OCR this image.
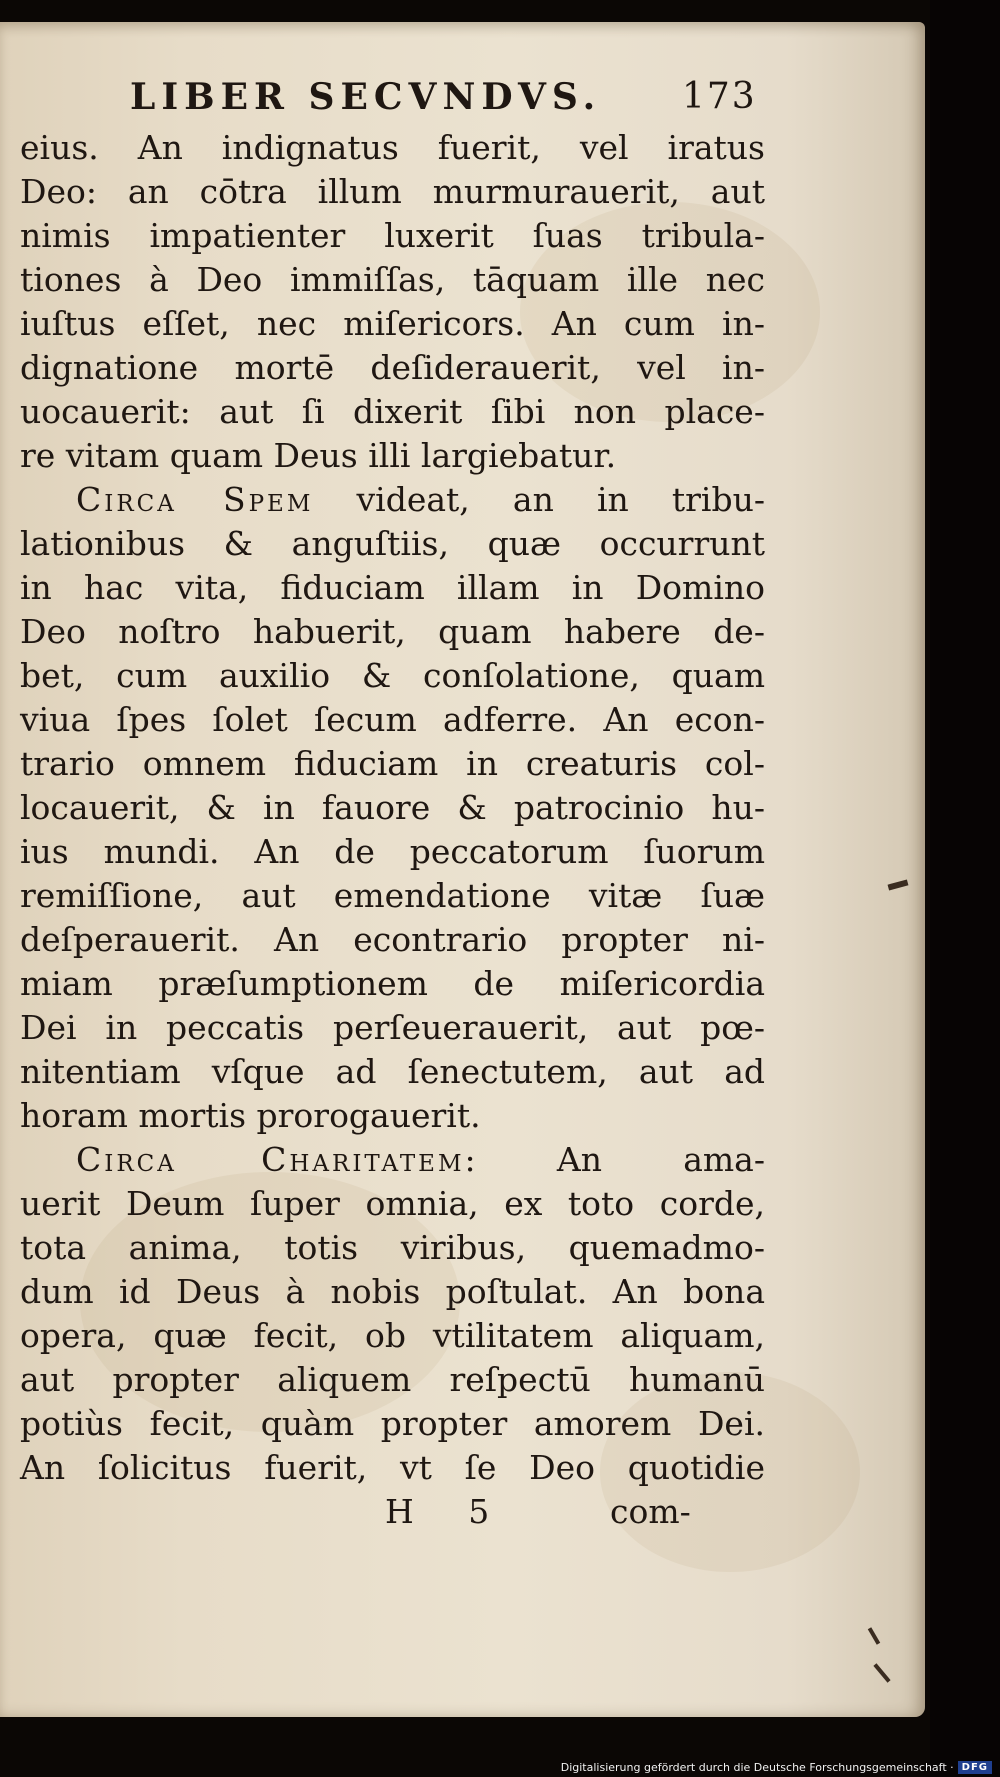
LIBER SECVNDVS. 173
eius. An indignatus fuerit, vel iratus
Deo: an cōtra illum murmurauerit, aut
nimis impatienter luxerit ſuas tribula-
tiones à Deo immiſſas, tāquam ille nec
iuſtus eſſet, nec miſericors. An cum in-
dignatione mortē deſiderauerit, vel in-
uocauerit: aut ſi dixerit ſibi non place-
re vitam quam Deus illi largiebatur.
Circa Spem videat, an in tribu-
lationibus & anguſtiis, quæ occurrunt
in hac vita, fiduciam illam in Domino
Deo noſtro habuerit, quam habere de-
bet, cum auxilio & conſolatione, quam
viua ſpes ſolet ſecum adferre. An econ-
trario omnem fiduciam in creaturis col-
locauerit, & in fauore & patrocinio hu-
ius mundi. An de peccatorum ſuorum
remiſſione, aut emendatione vitæ ſuæ
deſperauerit. An econtrario propter ni-
miam præſumptionem de miſericordia
Dei in peccatis perſeuerauerit, aut pœ-
nitentiam vſque ad ſenectutem, aut ad
horam mortis prorogauerit.
Circa Charitatem: An ama-
uerit Deum ſuper omnia, ex toto corde,
tota anima, totis viribus, quemadmo-
dum id Deus à nobis poſtulat. An bona
opera, quæ fecit, ob vtilitatem aliquam,
aut propter aliquem reſpectū humanū
potiùs fecit, quàm propter amorem Dei.
An ſolicitus fuerit, vt ſe Deo quotidie
H 5	com-
Digitalisierung gefördert durch die Deutsche Forschungsgemeinschaft · DFG
